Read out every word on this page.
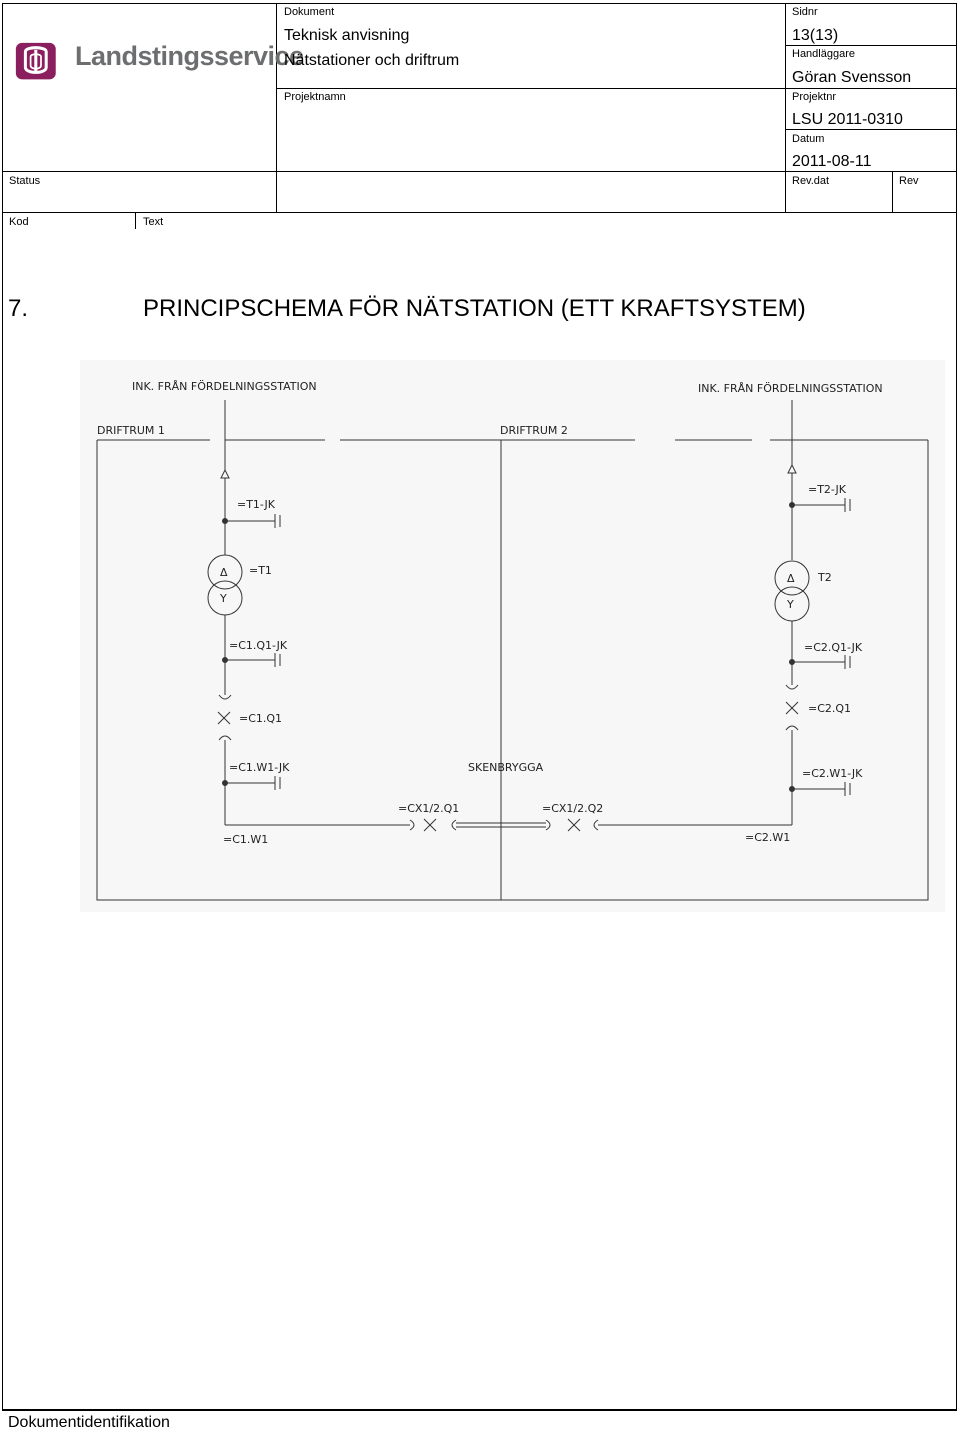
Landstingsservice
Dokument
Teknisk anvisning
Nätstationer och driftrum
Sidnr
13(13)
Handläggare
Göran Svensson
Projektnamn	Projektnr
LSU 2011-0310
Datum
2011-08-11
Status	Rev.dat	Rev
Kod	Text
7.	PRINCIPSCHEMA FÖR NÄTSTATION (ETT KRAFTSYSTEM)
INK. FRÅN FÖRDELNINGSSTATION	INK. FRÅN FÖRDELNINGSSTATION
DRIFTRUM 1	DRIFTRUM 2
=T1-JK
=T2-JK
Δ
Y
Δ
Y
=T1
T2
=C1.Q1-JK	=C2.Q1-JK
=C1.Q1
=C2.Q1
=C1.W1-JK	=C2.W1-JK
SKENBRYGGA
=CX1/2.Q1	=CX1/2.Q2
=C1.W1	=C2.W1
Dokumentidentifikation
